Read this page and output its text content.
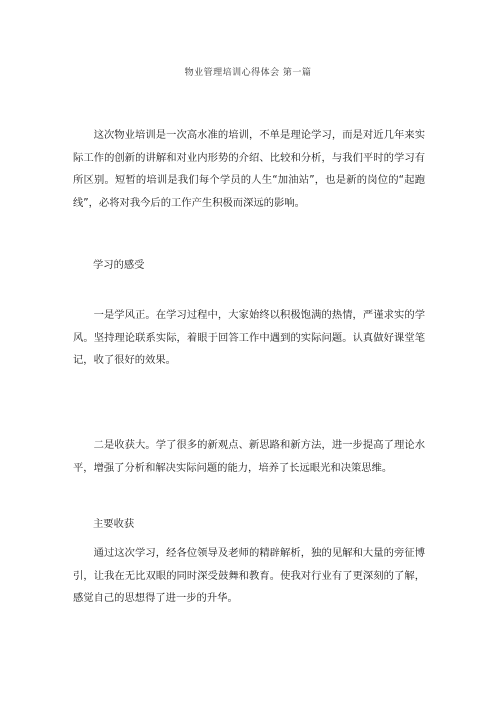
物业管理培训心得体会 第一篇

这次物业培训是一次高水准的培训，不单是理论学习，而是对近几年来实际工作的创新的讲解和对业内形势的介绍、比较和分析，与我们平时的学习有所区别。短暂的培训是我们每个学员的人生“加油站”，也是新的岗位的“起跑线”，必将对我今后的工作产生积极而深远的影响。

学习的感受

一是学风正。在学习过程中，大家始终以积极饱满的热情，严谨求实的学风。坚持理论联系实际，着眼于回答工作中遇到的实际问题。认真做好课堂笔记，收了很好的效果。

二是收获大。学了很多的新观点、新思路和新方法，进一步提高了理论水平，增强了分析和解决实际问题的能力，培养了长远眼光和决策思维。

主要收获

通过这次学习，经各位领导及老师的精辟解析，独的见解和大量的旁征博引，让我在无比双眼的同时深受鼓舞和教育。使我对行业有了更深刻的了解，感觉自己的思想得了进一步的升华。
